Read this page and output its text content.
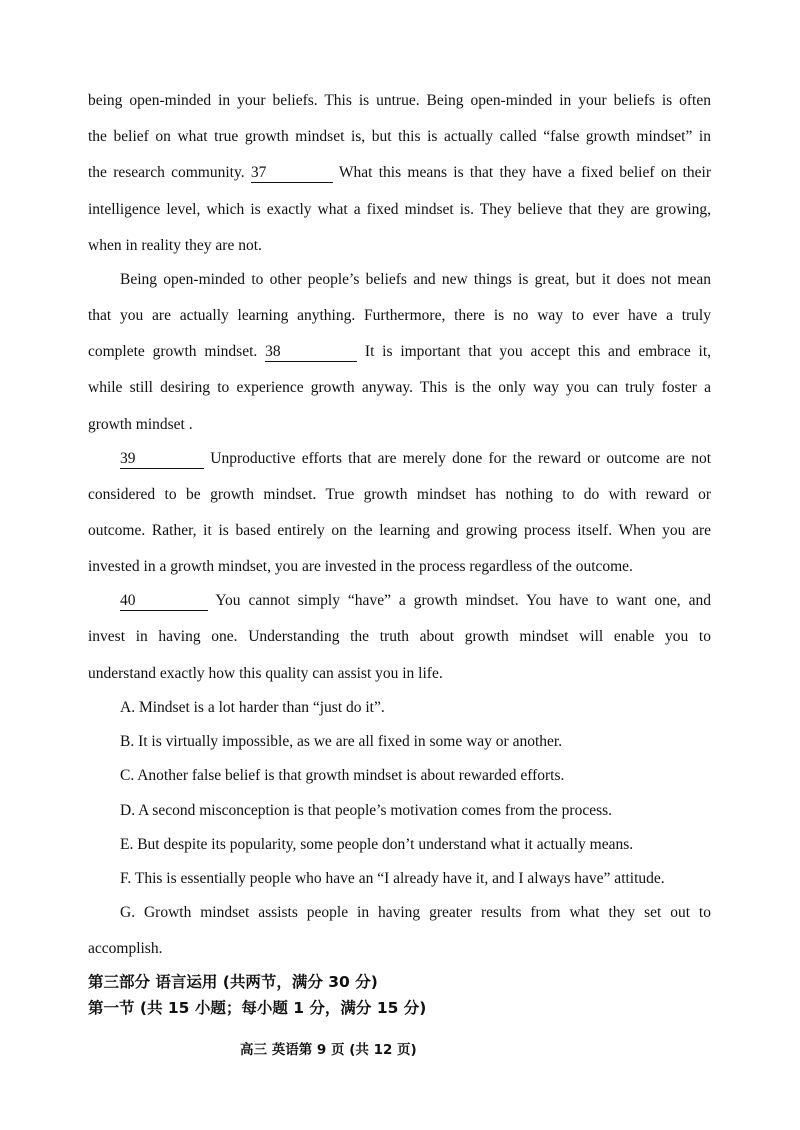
being open-minded in your beliefs. This is untrue. Being open-minded in your beliefs is often
the belief on what true growth mindset is, but this is actually called “false growth mindset” in
the research community. 37	What this means is that they have a fixed belief on their
intelligence level, which is exactly what a fixed mindset is. They believe that they are growing,
when in reality they are not.
Being open-minded to other people’s beliefs and new things is great, but it does not mean
that you are actually learning anything. Furthermore, there is no way to ever have a truly
complete growth mindset. 38	It is important that you accept this and embrace it,
while still desiring to experience growth anyway. This is the only way you can truly foster a
growth mindset .
39	Unproductive efforts that are merely done for the reward or outcome are not
considered to be growth mindset. True growth mindset has nothing to do with reward or
outcome. Rather, it is based entirely on the learning and growing process itself. When you are
invested in a growth mindset, you are invested in the process regardless of the outcome.
40	You cannot simply “have” a growth mindset. You have to want one, and
invest in having one. Understanding the truth about growth mindset will enable you to
understand exactly how this quality can assist you in life.
A. Mindset is a lot harder than “just do it”.
B. It is virtually impossible, as we are all fixed in some way or another.
C. Another false belief is that growth mindset is about rewarded efforts.
D. A second misconception is that people’s motivation comes from the process.
E. But despite its popularity, some people don’t understand what it actually means.
F. This is essentially people who have an “I already have it, and I always have” attitude.
G. Growth mindset assists people in having greater results from what they set out to
accomplish.
第三部分 语言运用 (共两节，满分 30 分)
第一节 (共 15 小题；每小题 1 分，满分 15 分)
高三 英语第 9 页 (共 12 页)
